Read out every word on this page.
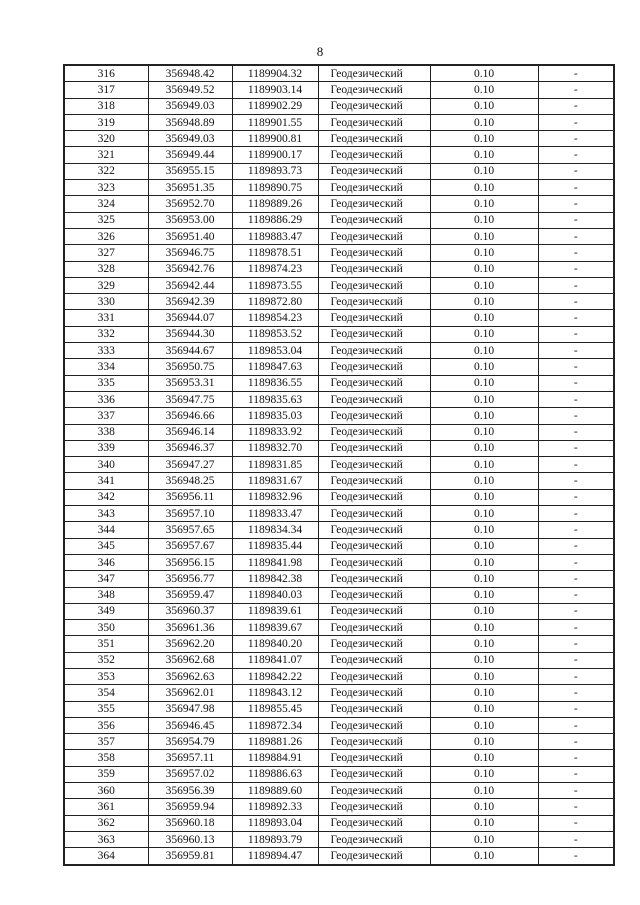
8
316	356948.42	1189904.32	Геодезический	0.10	-
317	356949.52	1189903.14	Геодезический	0.10	-
318	356949.03	1189902.29	Геодезический	0.10	-
319	356948.89	1189901.55	Геодезический	0.10	-
320	356949.03	1189900.81	Геодезический	0.10	-
321	356949.44	1189900.17	Геодезический	0.10	-
322	356955.15	1189893.73	Геодезический	0.10	-
323	356951.35	1189890.75	Геодезический	0.10	-
324	356952.70	1189889.26	Геодезический	0.10	-
325	356953.00	1189886.29	Геодезический	0.10	-
326	356951.40	1189883.47	Геодезический	0.10	-
327	356946.75	1189878.51	Геодезический	0.10	-
328	356942.76	1189874.23	Геодезический	0.10	-
329	356942.44	1189873.55	Геодезический	0.10	-
330	356942.39	1189872.80	Геодезический	0.10	-
331	356944.07	1189854.23	Геодезический	0.10	-
332	356944.30	1189853.52	Геодезический	0.10	-
333	356944.67	1189853.04	Геодезический	0.10	-
334	356950.75	1189847.63	Геодезический	0.10	-
335	356953.31	1189836.55	Геодезический	0.10	-
336	356947.75	1189835.63	Геодезический	0.10	-
337	356946.66	1189835.03	Геодезический	0.10	-
338	356946.14	1189833.92	Геодезический	0.10	-
339	356946.37	1189832.70	Геодезический	0.10	-
340	356947.27	1189831.85	Геодезический	0.10	-
341	356948.25	1189831.67	Геодезический	0.10	-
342	356956.11	1189832.96	Геодезический	0.10	-
343	356957.10	1189833.47	Геодезический	0.10	-
344	356957.65	1189834.34	Геодезический	0.10	-
345	356957.67	1189835.44	Геодезический	0.10	-
346	356956.15	1189841.98	Геодезический	0.10	-
347	356956.77	1189842.38	Геодезический	0.10	-
348	356959.47	1189840.03	Геодезический	0.10	-
349	356960.37	1189839.61	Геодезический	0.10	-
350	356961.36	1189839.67	Геодезический	0.10	-
351	356962.20	1189840.20	Геодезический	0.10	-
352	356962.68	1189841.07	Геодезический	0.10	-
353	356962.63	1189842.22	Геодезический	0.10	-
354	356962.01	1189843.12	Геодезический	0.10	-
355	356947.98	1189855.45	Геодезический	0.10	-
356	356946.45	1189872.34	Геодезический	0.10	-
357	356954.79	1189881.26	Геодезический	0.10	-
358	356957.11	1189884.91	Геодезический	0.10	-
359	356957.02	1189886.63	Геодезический	0.10	-
360	356956.39	1189889.60	Геодезический	0.10	-
361	356959.94	1189892.33	Геодезический	0.10	-
362	356960.18	1189893.04	Геодезический	0.10	-
363	356960.13	1189893.79	Геодезический	0.10	-
364	356959.81	1189894.47	Геодезический	0.10	-
